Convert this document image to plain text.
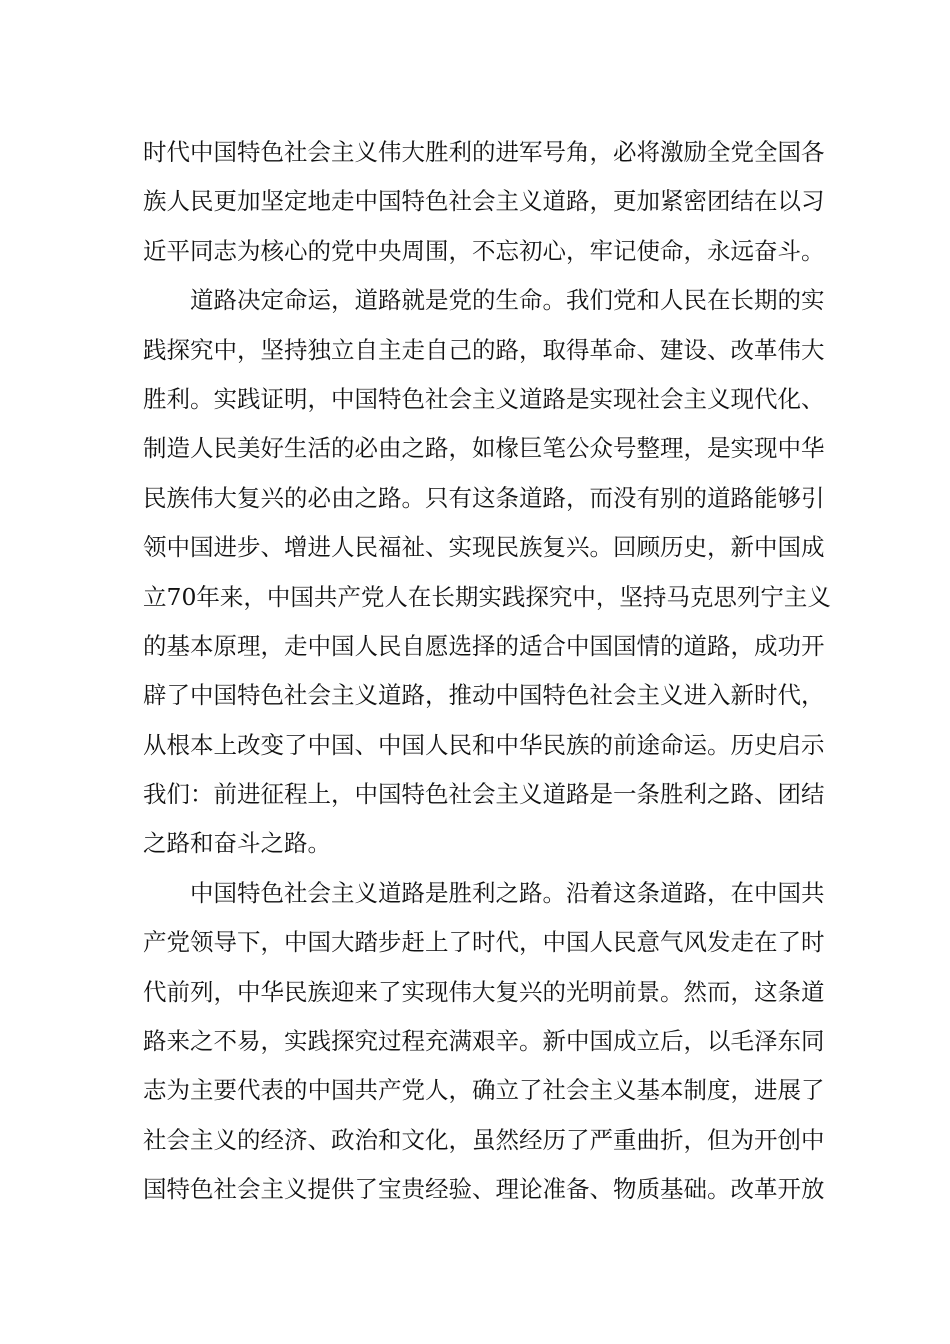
时代中国特色社会主义伟大胜利的进军号角，必将激励全党全国各
族人民更加坚定地走中国特色社会主义道路，更加紧密团结在以习
近平同志为核心的党中央周围，不忘初心，牢记使命，永远奋斗。
道路决定命运，道路就是党的生命。我们党和人民在长期的实
践探究中，坚持独立自主走自己的路，取得革命、建设、改革伟大
胜利。实践证明，中国特色社会主义道路是实现社会主义现代化、
制造人民美好生活的必由之路，如椽巨笔公众号整理，是实现中华
民族伟大复兴的必由之路。只有这条道路，而没有别的道路能够引
领中国进步、增进人民福祉、实现民族复兴。回顾历史，新中国成
立70年来，中国共产党人在长期实践探究中，坚持马克思列宁主义
的基本原理，走中国人民自愿选择的适合中国国情的道路，成功开
辟了中国特色社会主义道路，推动中国特色社会主义进入新时代，
从根本上改变了中国、中国人民和中华民族的前途命运。历史启示
我们：前进征程上，中国特色社会主义道路是一条胜利之路、团结
之路和奋斗之路。
中国特色社会主义道路是胜利之路。沿着这条道路，在中国共
产党领导下，中国大踏步赶上了时代，中国人民意气风发走在了时
代前列，中华民族迎来了实现伟大复兴的光明前景。然而，这条道
路来之不易，实践探究过程充满艰辛。新中国成立后，以毛泽东同
志为主要代表的中国共产党人，确立了社会主义基本制度，进展了
社会主义的经济、政治和文化，虽然经历了严重曲折，但为开创中
国特色社会主义提供了宝贵经验、理论准备、物质基础。改革开放
